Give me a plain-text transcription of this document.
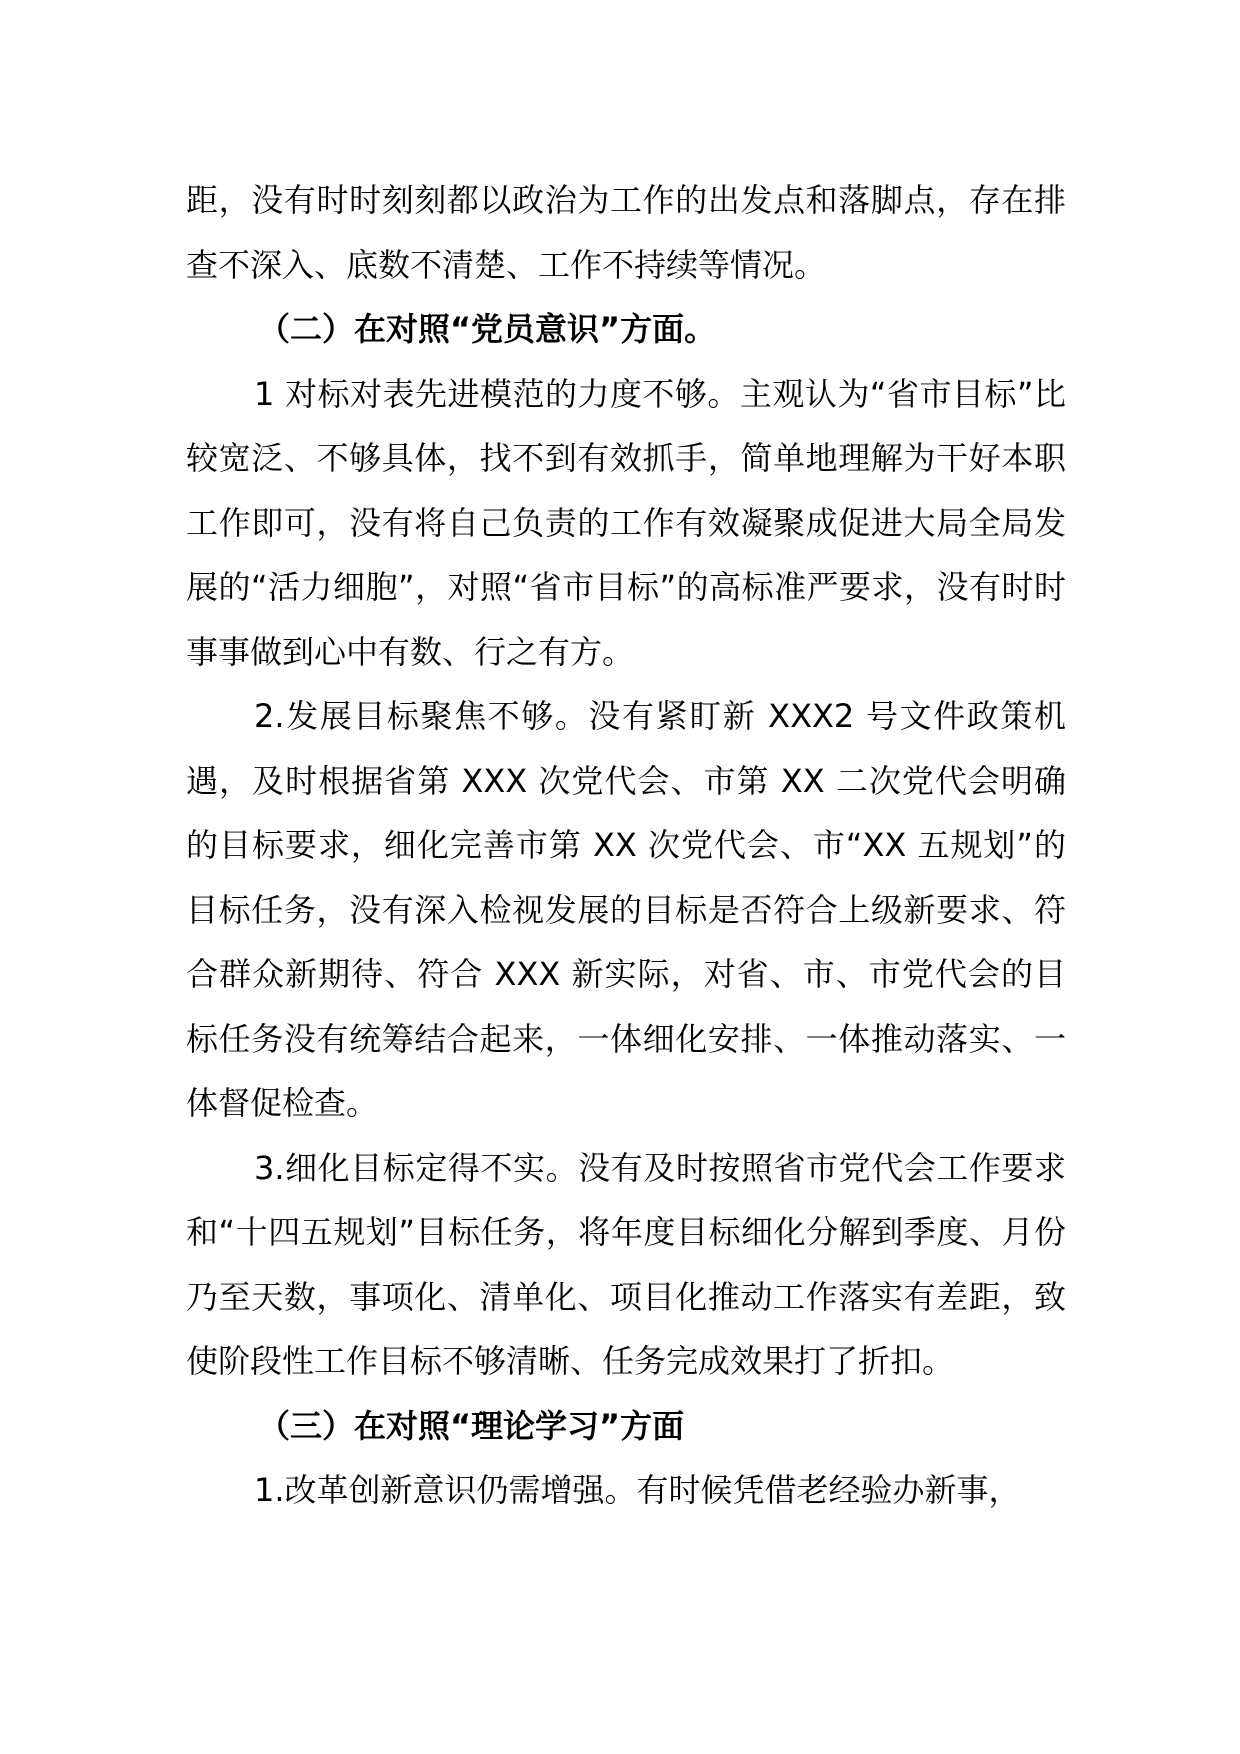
距，没有时时刻刻都以政治为工作的出发点和落脚点，存在排查不深入、底数不清楚、工作不持续等情况。

（二）在对照“党员意识”方面。

1 对标对表先进模范的力度不够。主观认为“省市目标”比较宽泛、不够具体，找不到有效抓手，简单地理解为干好本职工作即可，没有将自己负责的工作有效凝聚成促进大局全局发展的“活力细胞”，对照“省市目标”的高标准严要求，没有时时事事做到心中有数、行之有方。

2.发展目标聚焦不够。没有紧盯新 XXX2 号文件政策机遇，及时根据省第 XXX 次党代会、市第 XX 二次党代会明确的目标要求，细化完善市第 XX 次党代会、市“XX 五规划”的目标任务，没有深入检视发展的目标是否符合上级新要求、符合群众新期待、符合 XXX 新实际，对省、市、市党代会的目标任务没有统筹结合起来，一体细化安排、一体推动落实、一体督促检查。

3.细化目标定得不实。没有及时按照省市党代会工作要求和“十四五规划”目标任务，将年度目标细化分解到季度、月份乃至天数，事项化、清单化、项目化推动工作落实有差距，致使阶段性工作目标不够清晰、任务完成效果打了折扣。

（三）在对照“理论学习”方面

1.改革创新意识仍需增强。有时候凭借老经验办新事，
